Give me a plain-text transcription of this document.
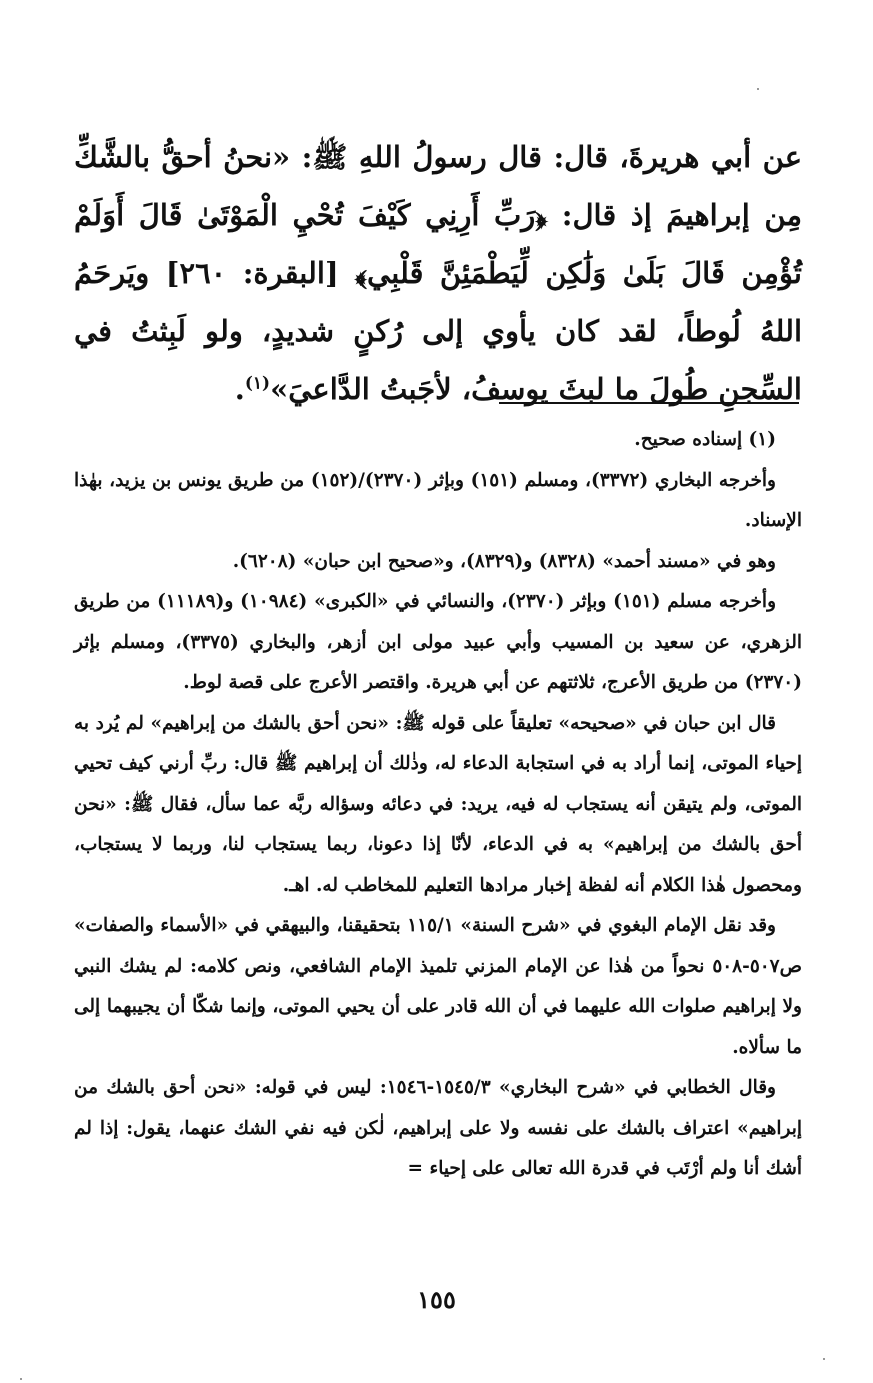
عن أبي هريرةَ، قال: قال رسولُ اللهِ ﷺ: «نحنُ أحقُّ بالشَّكِّ مِن إبراهيمَ إذ قال: ﴿رَبِّ أَرِنِي كَيْفَ تُحْيِ الْمَوْتَىٰ قَالَ أَوَلَمْ تُؤْمِن قَالَ بَلَىٰ وَلَٰكِن لِّيَطْمَئِنَّ قَلْبِي﴾ [البقرة: ٢٦٠] ويَرحَمُ اللهُ لُوطاً، لقد كان يأوي إلى رُكنٍ شديدٍ، ولو لَبِثتُ في السِّجنِ طُولَ ما لبثَ يوسفُ، لأجَبتُ الدَّاعيَ»$^{(١)}$.

(١) إسناده صحيح.

وأخرجه البخاري (٣٣٧٢)، ومسلم (١٥١) وبإثر (٢٣٧٠)/(١٥٢) من طريق يونس بن يزيد، بهٰذا الإسناد.

وهو في «مسند أحمد» (٨٣٢٨) و(٨٣٢٩)، و«صحيح ابن حبان» (٦٢٠٨).

وأخرجه مسلم (١٥١) وبإثر (٢٣٧٠)، والنسائي في «الكبرى» (١٠٩٨٤) و(١١١٨٩) من طريق الزهري، عن سعيد بن المسيب وأبي عبيد مولى ابن أزهر، والبخاري (٣٣٧٥)، ومسلم بإثر (٢٣٧٠) من طريق الأعرج، ثلاثتهم عن أبي هريرة. واقتصر الأعرج على قصة لوط.

قال ابن حبان في «صحيحه» تعليقاً على قوله ﷺ: «نحن أحق بالشك من إبراهيم» لم يُرد به إحياء الموتى، إنما أراد به في استجابة الدعاء له، وذٰلك أن إبراهيم ﷺ قال: ربِّ أرني كيف تحيي الموتى، ولم يتيقن أنه يستجاب له فيه، يريد: في دعائه وسؤاله ربَّه عما سأل، فقال ﷺ: «نحن أحق بالشك من إبراهيم» به في الدعاء، لأنّا إذا دعونا، ربما يستجاب لنا، وربما لا يستجاب، ومحصول هٰذا الكلام أنه لفظة إخبار مرادها التعليم للمخاطب له. اهـ.

وقد نقل الإمام البغوي في «شرح السنة» ١١٥/١ بتحقيقنا، والبيهقي في «الأسماء والصفات» ص٥٠٧-٥٠٨ نحواً من هٰذا عن الإمام المزني تلميذ الإمام الشافعي، ونص كلامه: لم يشك النبي ولا إبراهيم صلوات الله عليهما في أن الله قادر على أن يحيي الموتى، وإنما شكّا أن يجيبهما إلى ما سألاه.

وقال الخطابي في «شرح البخاري» ١٥٤٥/٣-١٥٤٦: ليس في قوله: «نحن أحق بالشك من إبراهيم» اعتراف بالشك على نفسه ولا على إبراهيم، لٰكن فيه نفي الشك عنهما، يقول: إذا لم أشك أنا ولم أرْتَب في قدرة الله تعالى على إحياء =

١٥٥
